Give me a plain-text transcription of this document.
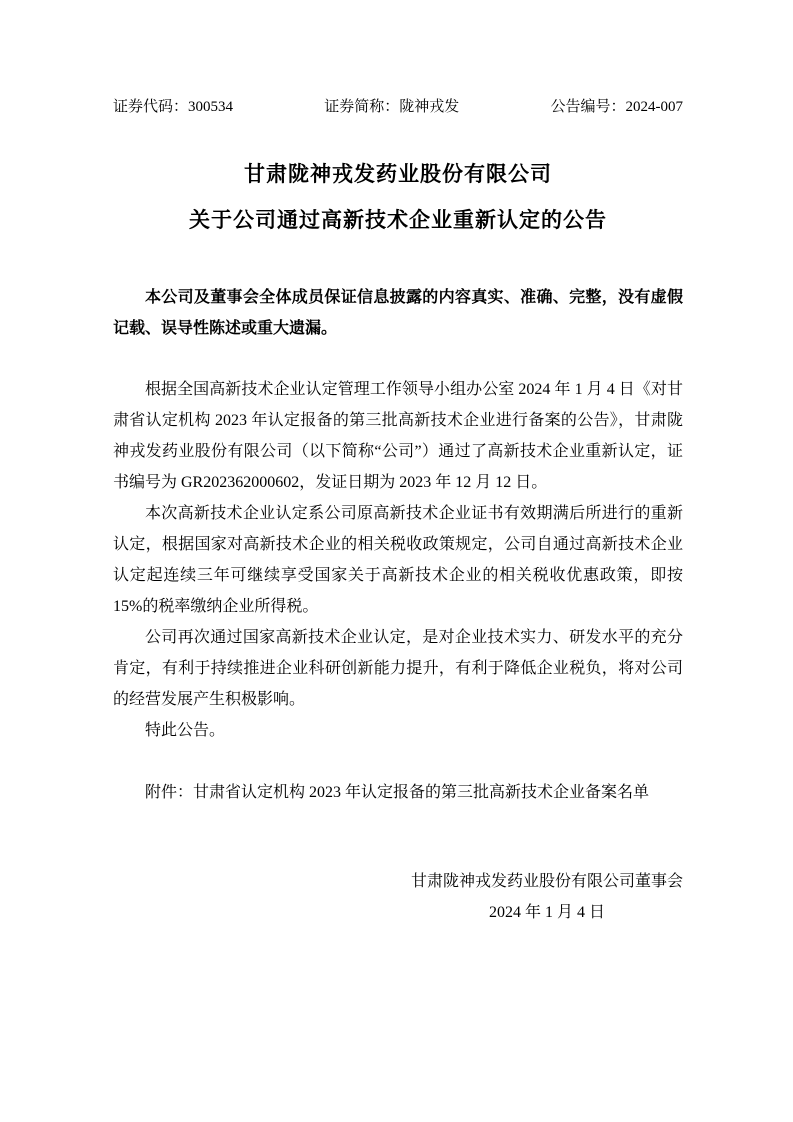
证券代码：300534	证券简称：陇神戎发	公告编号：2024-007
甘肃陇神戎发药业股份有限公司
关于公司通过高新技术企业重新认定的公告

本公司及董事会全体成员保证信息披露的内容真实、准确、完整，没有虚假记载、误导性陈述或重大遗漏。

根据全国高新技术企业认定管理工作领导小组办公室 2024 年 1 月 4 日《对甘肃省认定机构 2023 年认定报备的第三批高新技术企业进行备案的公告》，甘肃陇神戎发药业股份有限公司（以下简称“公司”）通过了高新技术企业重新认定，证书编号为 GR202362000602，发证日期为 2023 年 12 月 12 日。

本次高新技术企业认定系公司原高新技术企业证书有效期满后所进行的重新认定，根据国家对高新技术企业的相关税收政策规定，公司自通过高新技术企业认定起连续三年可继续享受国家关于高新技术企业的相关税收优惠政策，即按15%的税率缴纳企业所得税。

公司再次通过国家高新技术企业认定，是对企业技术实力、研发水平的充分肯定，有利于持续推进企业科研创新能力提升，有利于降低企业税负，将对公司的经营发展产生积极影响。

特此公告。

附件：甘肃省认定机构 2023 年认定报备的第三批高新技术企业备案名单

甘肃陇神戎发药业股份有限公司董事会
2024 年 1 月 4 日
